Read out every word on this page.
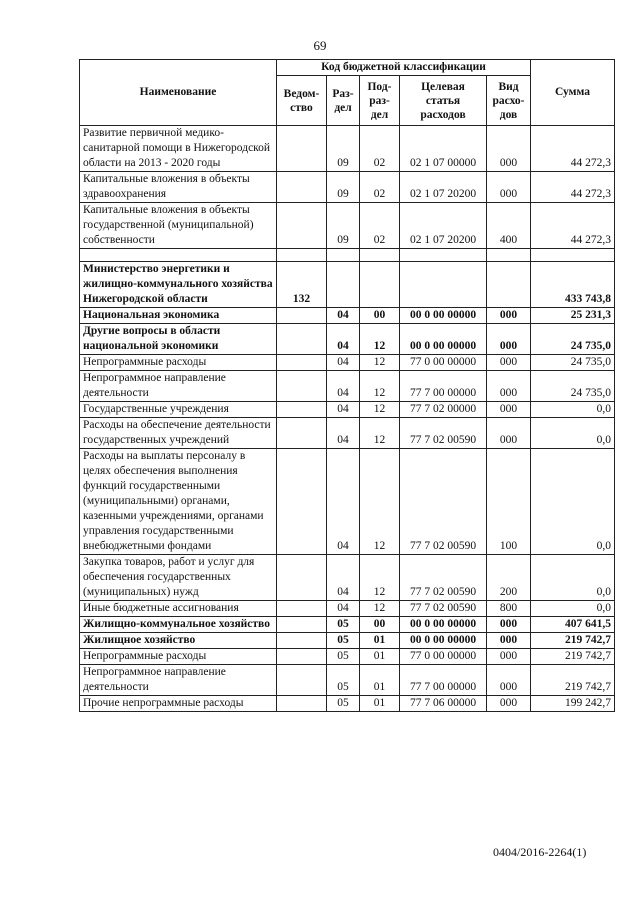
69
Наименование	Код бюджетной классификации					Сумма
	Ведом-ство	Раз-дел	Под-раз-дел	Целевая статья расходов	Вид расхо-дов	
Развитие первичной медико-санитарной помощи в Нижегородской области на 2013 - 2020 годы		09	02	02 1 07 00000	000	44 272,3
Капитальные вложения в объекты здравоохранения		09	02	02 1 07 20200	000	44 272,3
Капитальные вложения в объекты государственной (муниципальной) собственности		09	02	02 1 07 20200	400	44 272,3

Министерство энергетики и жилищно-коммунального хозяйства Нижегородской области	132					433 743,8
Национальная экономика		04	00	00 0 00 00000	000	25 231,3
Другие вопросы в области национальной экономики		04	12	00 0 00 00000	000	24 735,0
Непрограммные расходы		04	12	77 0 00 00000	000	24 735,0
Непрограммное направление деятельности		04	12	77 7 00 00000	000	24 735,0
Государственные учреждения		04	12	77 7 02 00000	000	0,0
Расходы на обеспечение деятельности государственных учреждений		04	12	77 7 02 00590	000	0,0
Расходы на выплаты персоналу в целях обеспечения выполнения функций государственными (муниципальными) органами, казенными учреждениями, органами управления государственными внебюджетными фондами		04	12	77 7 02 00590	100	0,0
Закупка товаров, работ и услуг для обеспечения государственных (муниципальных) нужд		04	12	77 7 02 00590	200	0,0
Иные бюджетные ассигнования		04	12	77 7 02 00590	800	0,0
Жилищно-коммунальное хозяйство		05	00	00 0 00 00000	000	407 641,5
Жилищное хозяйство		05	01	00 0 00 00000	000	219 742,7
Непрограммные расходы		05	01	77 0 00 00000	000	219 742,7
Непрограммное направление деятельности		05	01	77 7 00 00000	000	219 742,7
Прочие непрограммные расходы		05	01	77 7 06 00000	000	199 242,7
0404/2016-2264(1)
